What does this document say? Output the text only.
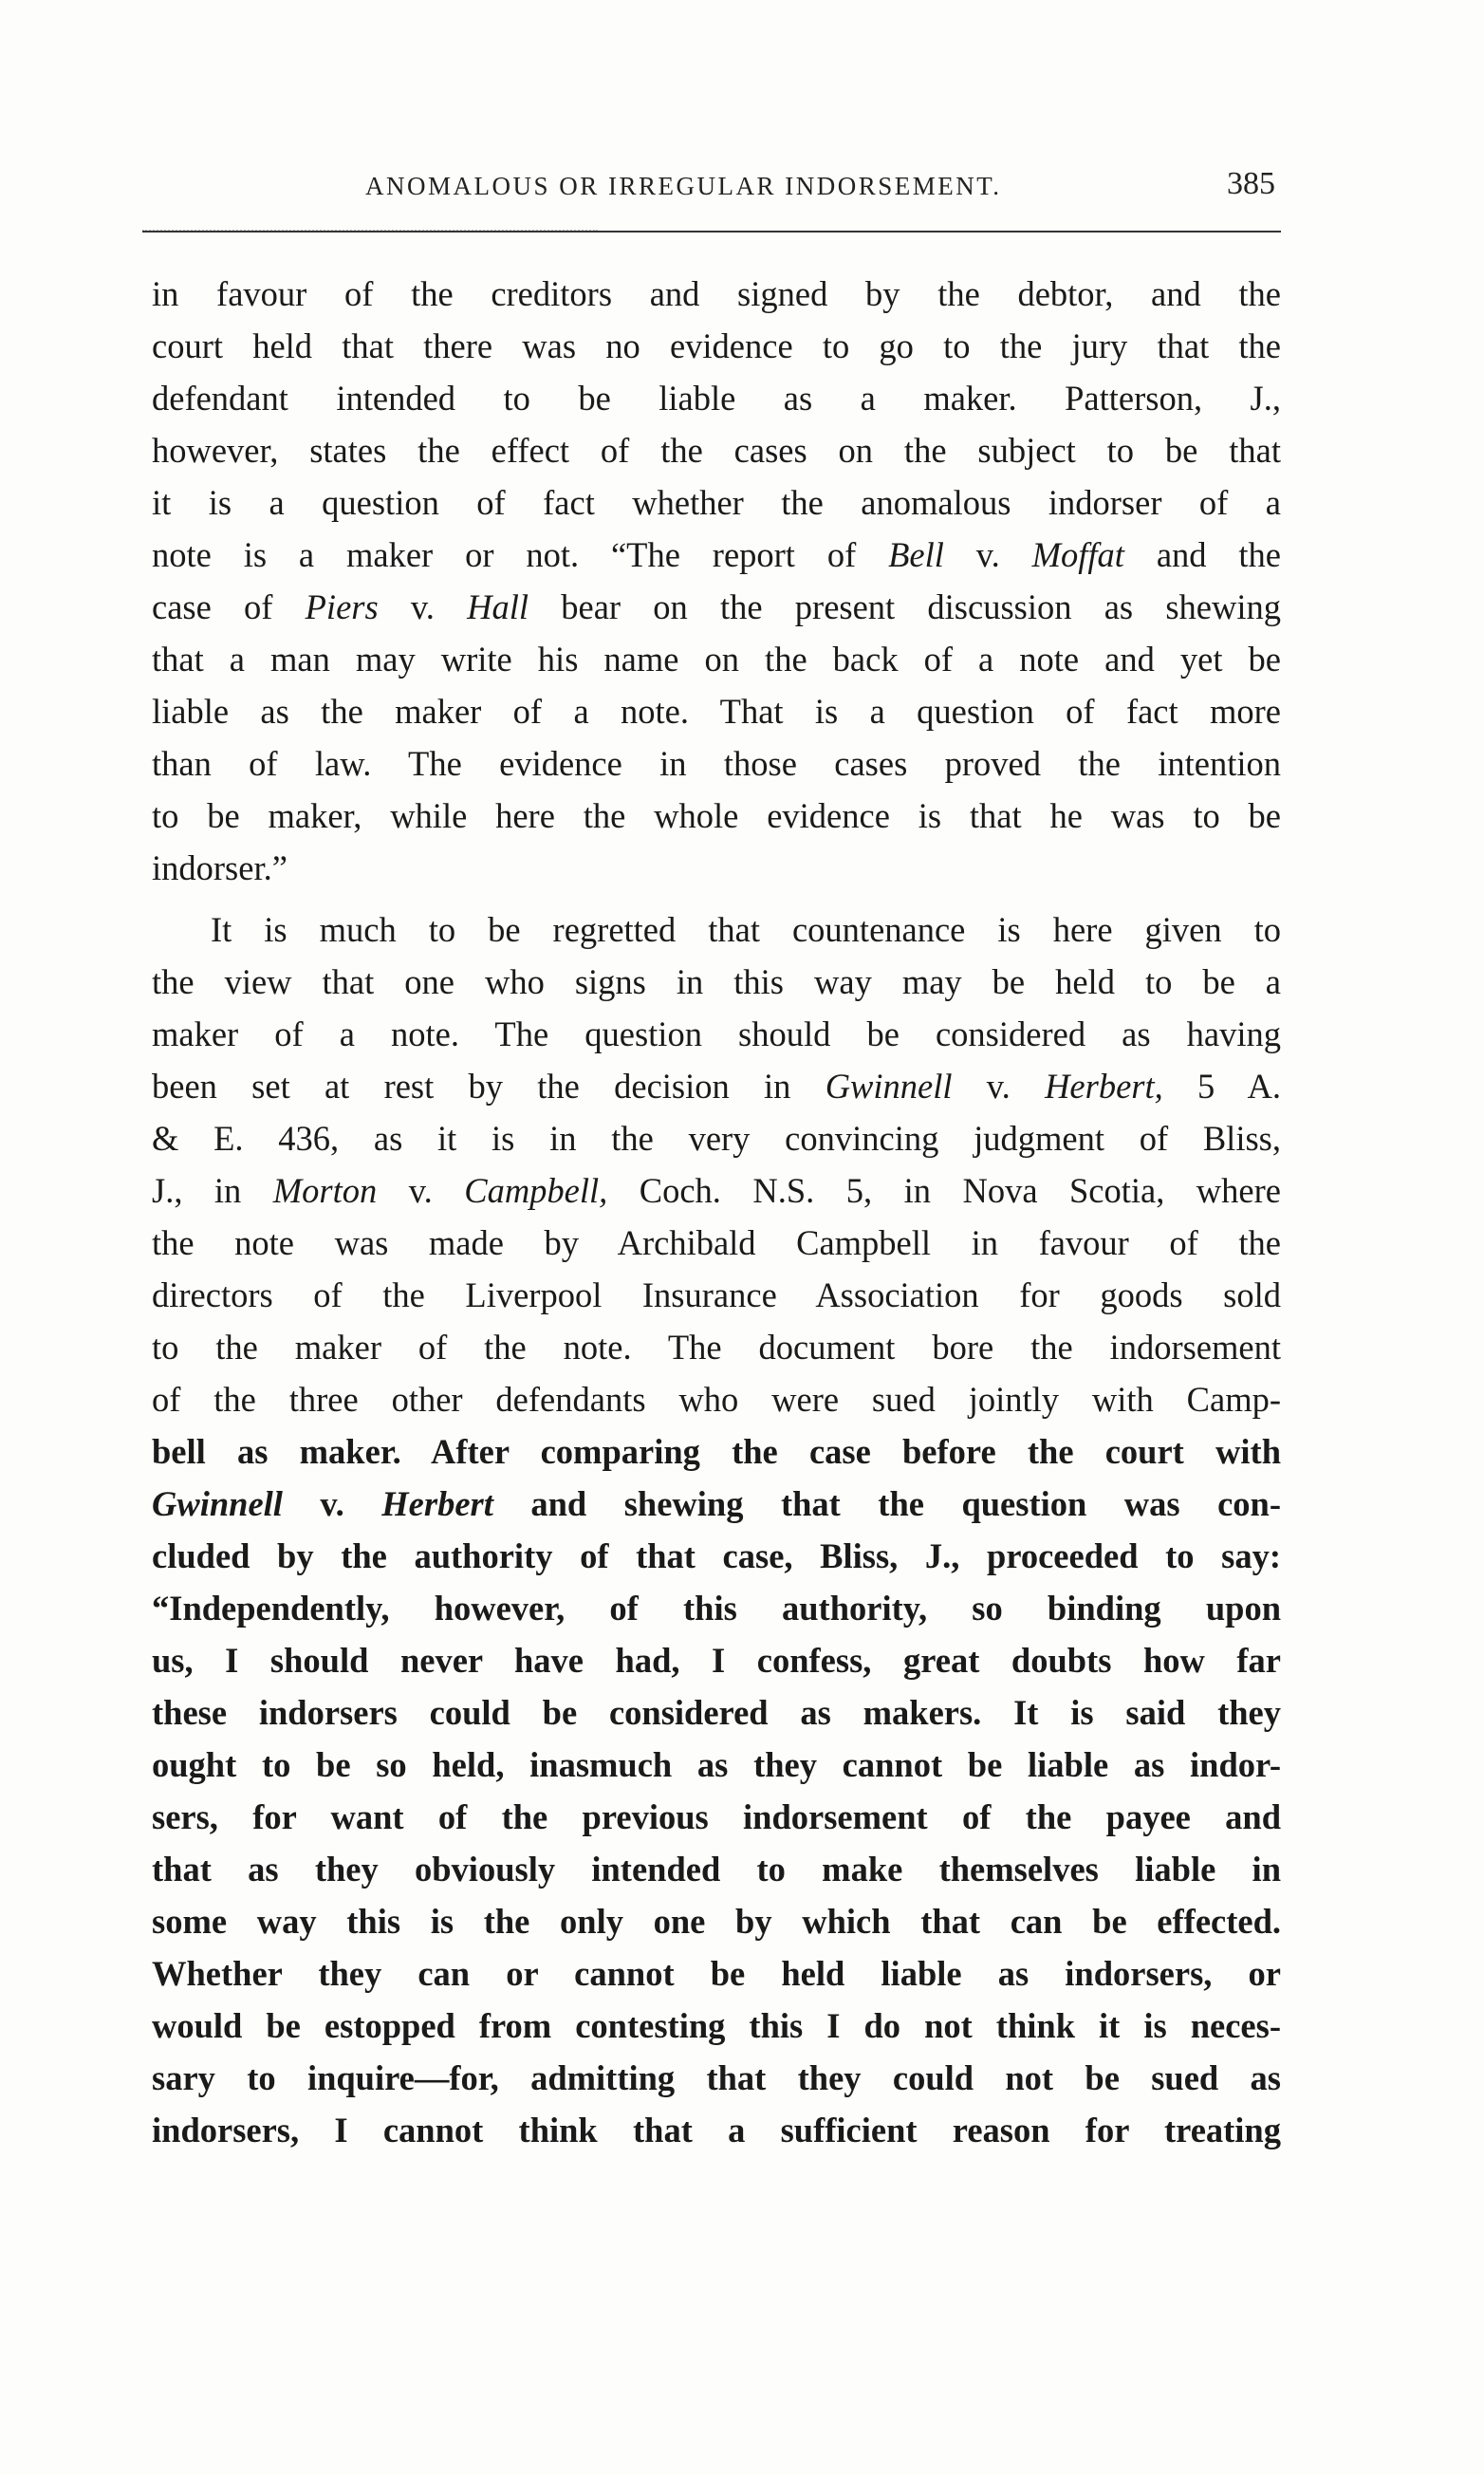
ANOMALOUS OR IRREGULAR INDORSEMENT.	385
in favour of the creditors and signed by the debtor, and the
court held that there was no evidence to go to the jury that the
defendant intended to be liable as a maker. Patterson, J.,
however, states the effect of the cases on the subject to be that
it is a question of fact whether the anomalous indorser of a
note is a maker or not. “The report of Bell v. Moffat and the
case of Piers v. Hall bear on the present discussion as shewing
that a man may write his name on the back of a note and yet be
liable as the maker of a note. That is a question of fact more
than of law. The evidence in those cases proved the intention
to be maker, while here the whole evidence is that he was to be
indorser.”
It is much to be regretted that countenance is here given to
the view that one who signs in this way may be held to be a
maker of a note. The question should be considered as having
been set at rest by the decision in Gwinnell v. Herbert, 5 A.
& E. 436, as it is in the very convincing judgment of Bliss,
J., in Morton v. Campbell, Coch. N.S. 5, in Nova Scotia, where
the note was made by Archibald Campbell in favour of the
directors of the Liverpool Insurance Association for goods sold
to the maker of the note. The document bore the indorsement
of the three other defendants who were sued jointly with Camp-
bell as maker. After comparing the case before the court with
Gwinnell v. Herbert and shewing that the question was con-
cluded by the authority of that case, Bliss, J., proceeded to say:
“Independently, however, of this authority, so binding upon
us, I should never have had, I confess, great doubts how far
these indorsers could be considered as makers. It is said they
ought to be so held, inasmuch as they cannot be liable as indor-
sers, for want of the previous indorsement of the payee and
that as they obviously intended to make themselves liable in
some way this is the only one by which that can be effected.
Whether they can or cannot be held liable as indorsers, or
would be estopped from contesting this I do not think it is neces-
sary to inquire—for, admitting that they could not be sued as
indorsers, I cannot think that a sufficient reason for treating
